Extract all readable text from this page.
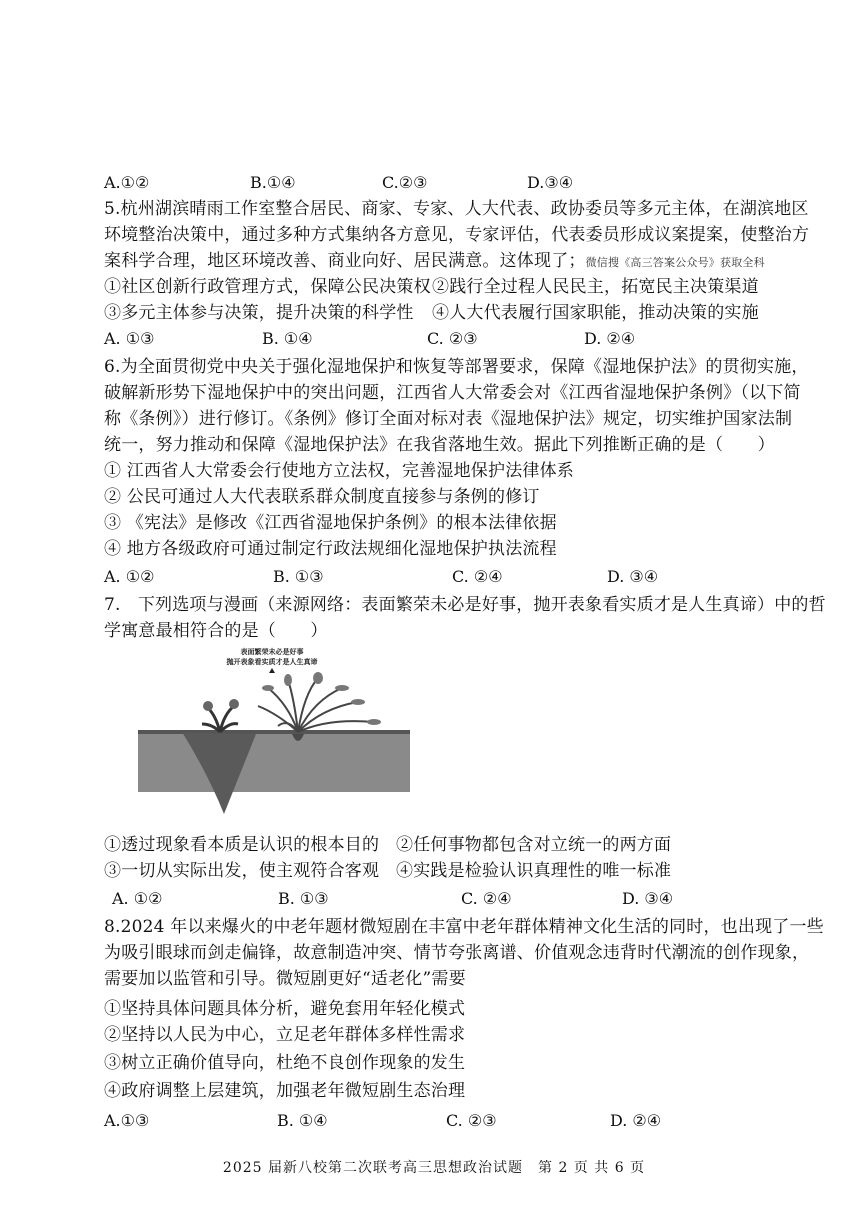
A.①②	B.①④	C.②③	D.③④
5.杭州湖滨晴雨工作室整合居民、商家、专家、人大代表、政协委员等多元主体，在湖滨地区
环境整治决策中，通过多种方式集纳各方意见，专家评估，代表委员形成议案提案，使整治方
案科学合理，地区环境改善、商业向好、居民满意。这体现了；微信搜《高三答案公众号》获取全科
①社区创新行政管理方式，保障公民决策权 ②践行全过程人民民主，拓宽民主决策渠道
③多元主体参与决策，提升决策的科学性 ④人大代表履行国家职能，推动决策的实施
A. ①③	B. ①④	C. ②③	D. ②④
6.为全面贯彻党中央关于强化湿地保护和恢复等部署要求，保障《湿地保护法》的贯彻实施，
破解新形势下湿地保护中的突出问题，江西省人大常委会对《江西省湿地保护条例》（以下简
称《条例》）进行修订。《条例》修订全面对标对表《湿地保护法》规定，切实维护国家法制
统一，努力推动和保障《湿地保护法》在我省落地生效。据此下列推断正确的是（　　）
① 江西省人大常委会行使地方立法权，完善湿地保护法律体系
② 公民可通过人大代表联系群众制度直接参与条例的修订
③ 《宪法》是修改《江西省湿地保护条例》的根本法律依据
④ 地方各级政府可通过制定行政法规细化湿地保护执法流程
A. ①②	B. ①③	C. ②④	D. ③④
7.　下列选项与漫画（来源网络：表面繁荣未必是好事，抛开表象看实质才是人生真谛）中的哲
学寓意最相符合的是（　　）
表面繁荣未必是好事
抛开表象看实质才是人生真谛
①透过现象看本质是认识的根本目的 ②任何事物都包含对立统一的两方面
③一切从实际出发，使主观符合客观 ④实践是检验认识真理性的唯一标准
A. ①②	B. ①③	C. ②④	D. ③④
8.2024 年以来爆火的中老年题材微短剧在丰富中老年群体精神文化生活的同时，也出现了一些
为吸引眼球而剑走偏锋，故意制造冲突、情节夸张离谱、价值观念违背时代潮流的创作现象，
需要加以监管和引导。微短剧更好“适老化”需要
①坚持具体问题具体分析，避免套用年轻化模式
②坚持以人民为中心，立足老年群体多样性需求
③树立正确价值导向，杜绝不良创作现象的发生
④政府调整上层建筑，加强老年微短剧生态治理
A.①③	B. ①④	C. ②③	D. ②④
2025 届新八校第二次联考高三思想政治试题　第 2 页 共 6 页
